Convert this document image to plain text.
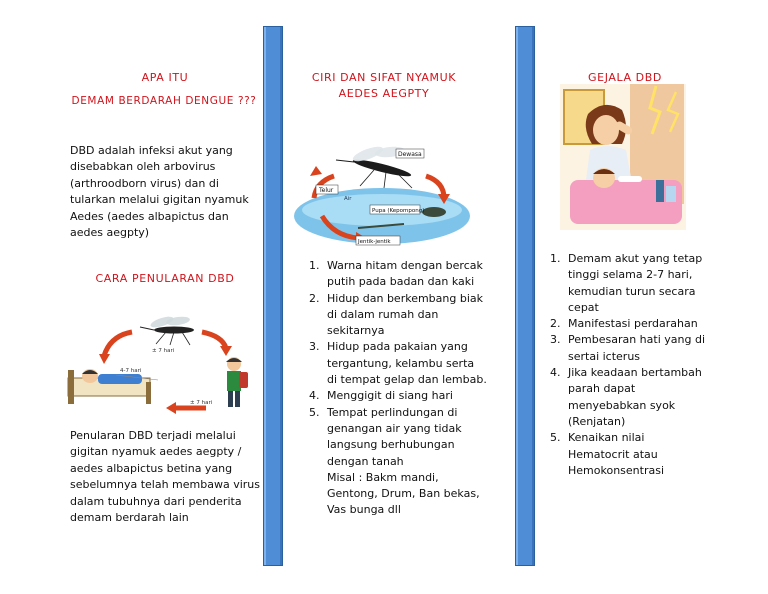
APA ITU
DEMAM BERDARAH DENGUE ???
DBD adalah infeksi akut yang
disebabkan oleh arbovirus
(arthroodborn virus) dan di
tularkan melalui gigitan nyamuk
Aedes (aedes albapictus dan
aedes aegpty)
CARA PENULARAN DBD
± 7 hari
± 7 hari
4-7 hari
Penularan DBD terjadi melalui
gigitan nyamuk aedes aegpty /
aedes albapictus betina yang
sebelumnya telah membawa virus
dalam tubuhnya dari penderita
demam berdarah lain
CIRI DAN SIFAT NYAMUK
AEDES AEGPTY
Dewasa
Telur
Air
Pupa (Kepompong)
Jentik-jentik
1. Warna hitam dengan bercak
putih pada badan dan kaki
2. Hidup dan berkembang biak
di dalam rumah dan
sekitarnya
3. Hidup pada pakaian yang
tergantung, kelambu serta
di tempat gelap dan lembab.
4. Menggigit di siang hari
5. Tempat perlindungan di
genangan air yang tidak
langsung berhubungan
dengan tanah
Misal : Bakm mandi,
Gentong, Drum, Ban bekas,
Vas bunga dll
GEJALA DBD
1. Demam akut yang tetap
tinggi selama 2-7 hari,
kemudian turun secara
cepat
2. Manifestasi perdarahan
3. Pembesaran hati yang di
sertai icterus
4. Jika keadaan bertambah
parah dapat
menyebabkan syok
(Renjatan)
5. Kenaikan nilai
Hematocrit atau
Hemokonsentrasi
